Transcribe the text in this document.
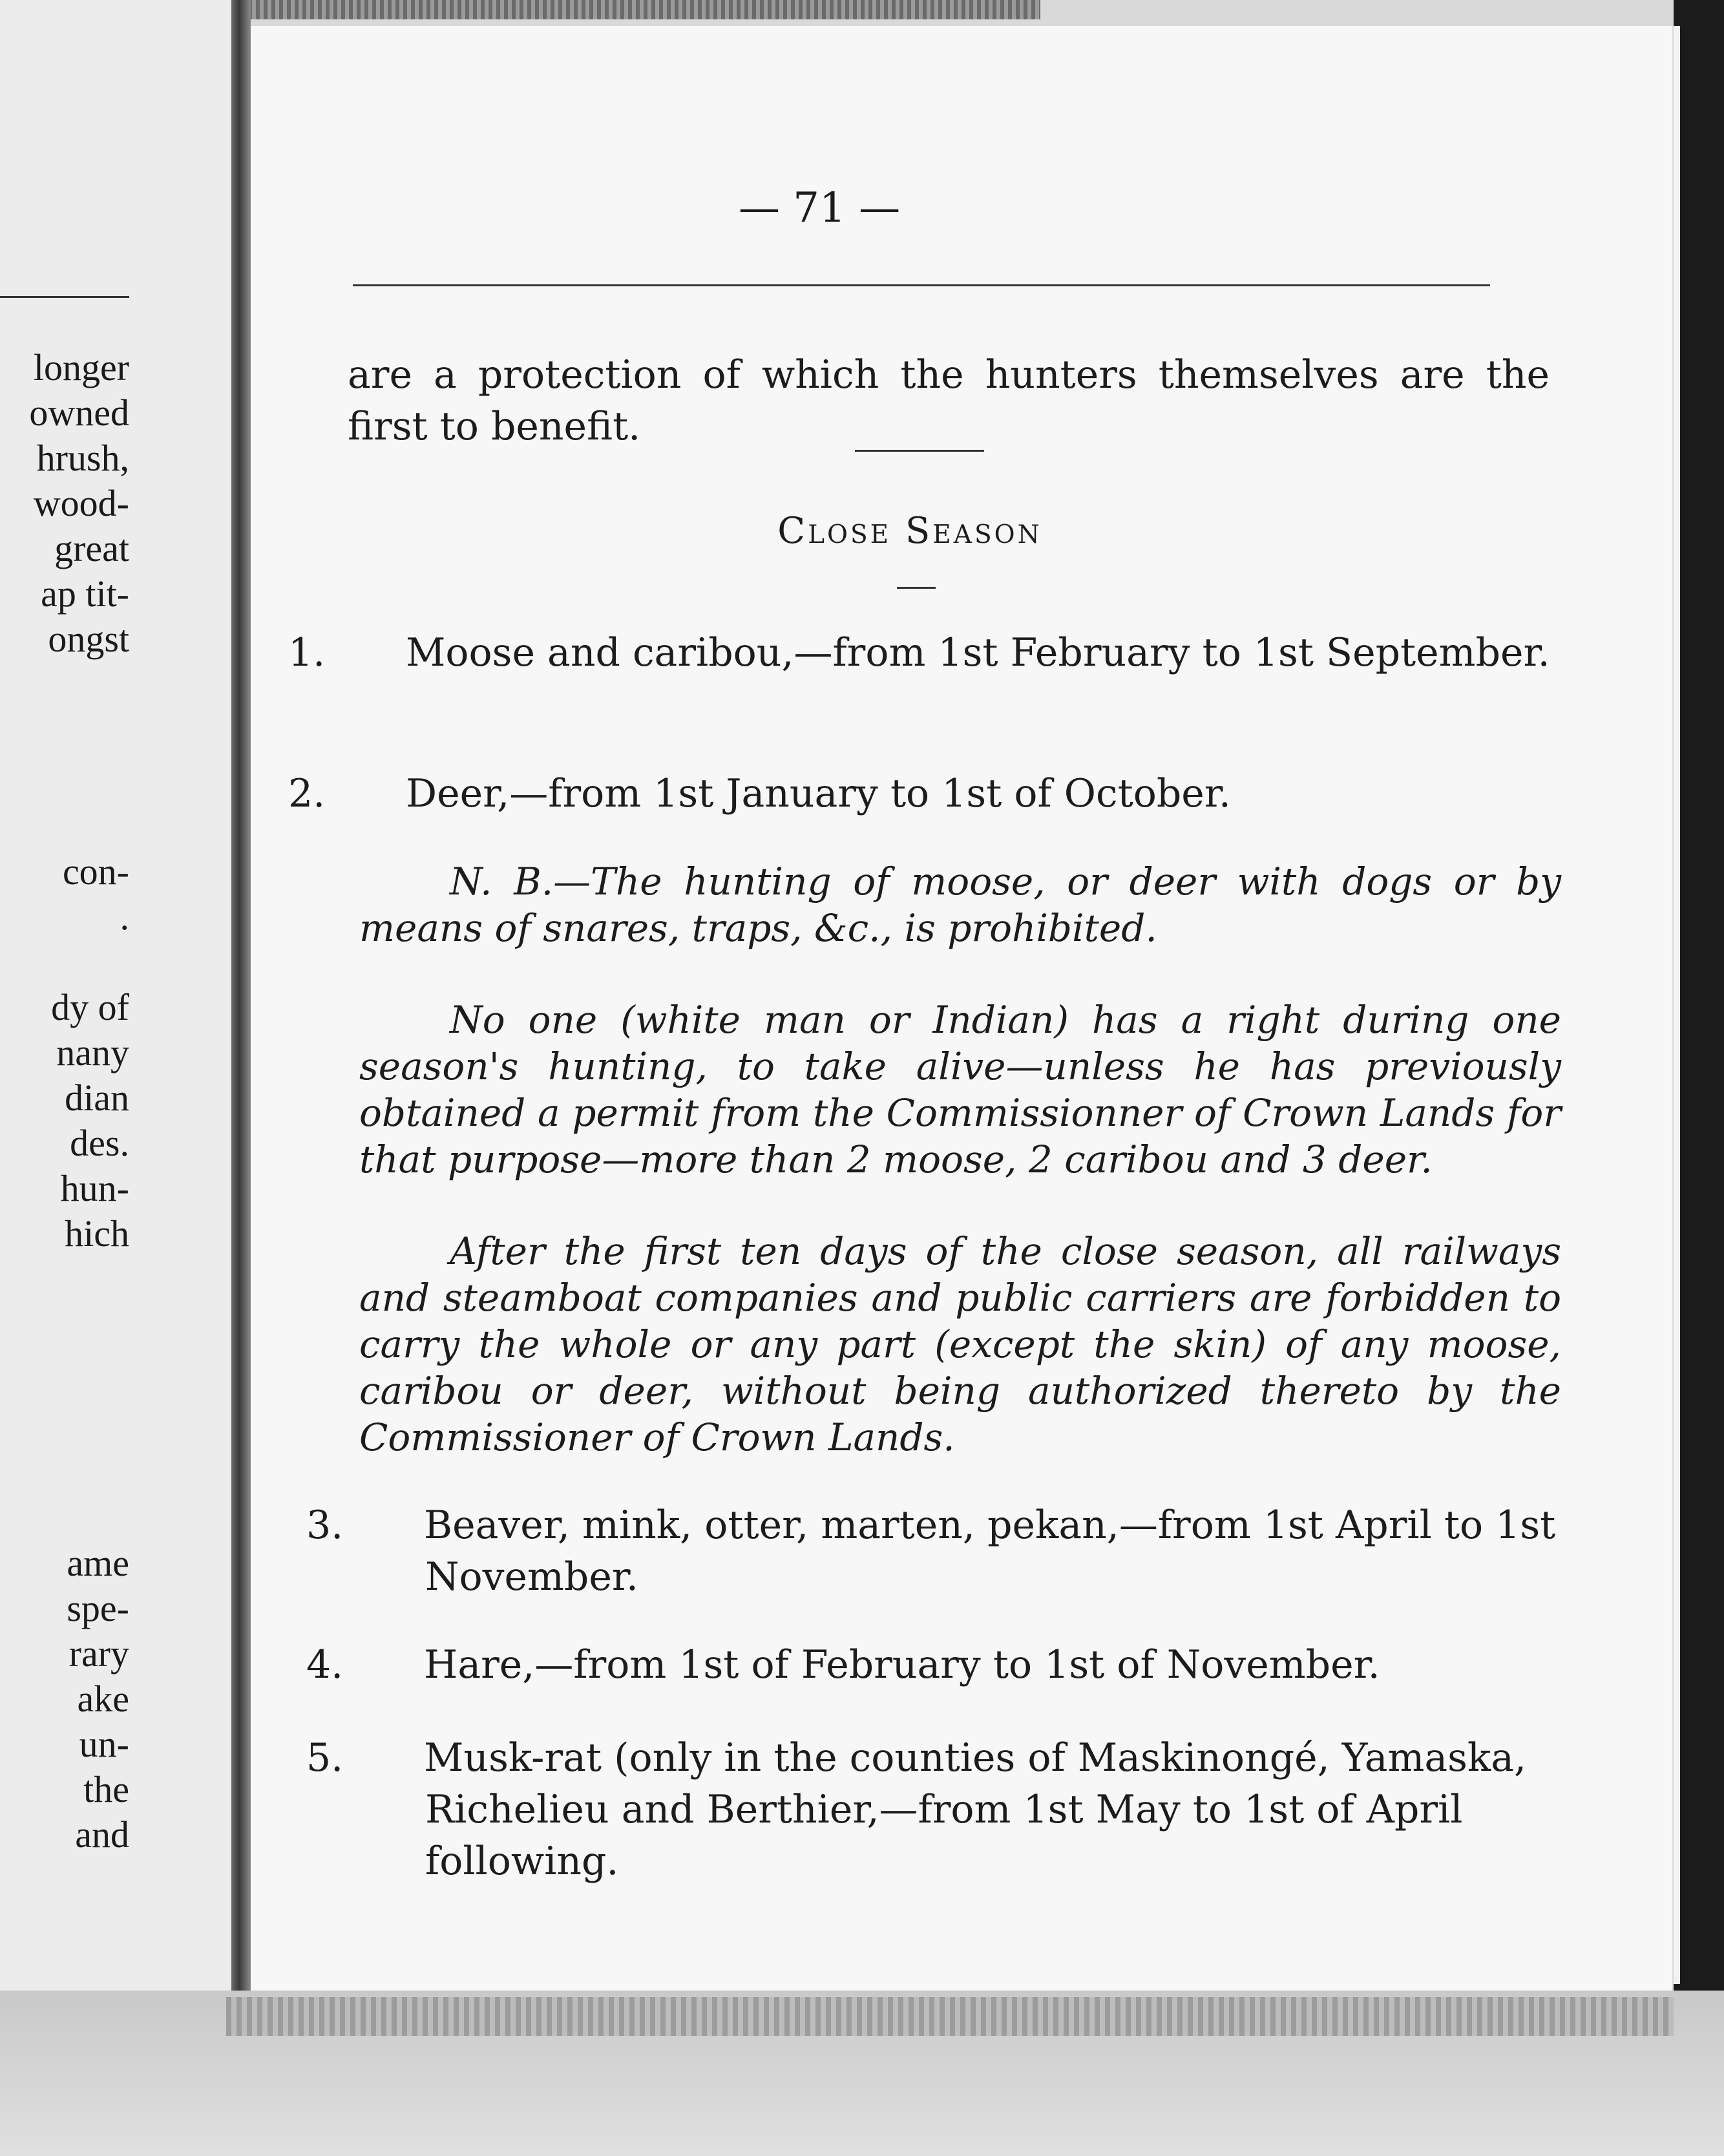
longer

owned

hrush,

wood-

great

ap tit-

ongst

con-

.

dy of

nany

dian

des.

hun-

hich

ame

spe-

rary

ake

un-

the

and

— 71 —

are a protection of which the hunters themselves are the first to benefit.

Close Season

1. Moose and caribou,—from 1st February to 1st September.

2. Deer,—from 1st January to 1st of October.

N. B.—The hunting of moose, or deer with dogs or by means of snares, traps, &c., is prohibited.

No one (white man or Indian) has a right during one season's hunting, to take alive—unless he has previously obtained a permit from the Commissionner of Crown Lands for that purpose—more than 2 moose, 2 caribou and 3 deer.

After the first ten days of the close season, all railways and steamboat companies and public carriers are forbidden to carry the whole or any part (except the skin) of any moose, caribou or deer, without being authorized thereto by the Commissioner of Crown Lands.

3. Beaver, mink, otter, marten, pekan,—from 1st April to 1st November.

4. Hare,—from 1st of February to 1st of November.

5. Musk-rat (only in the counties of Maskinongé, Yamaska, Richelieu and Berthier,—from 1st May to 1st of April following.
